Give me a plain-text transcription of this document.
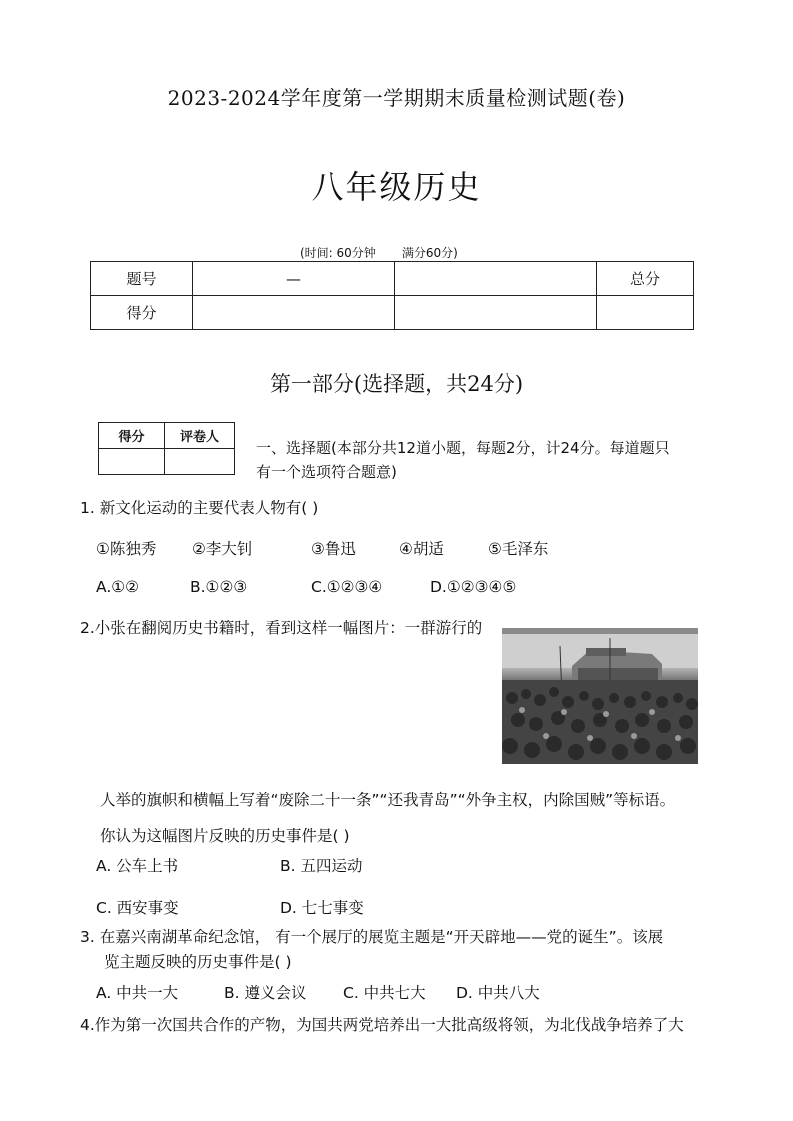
2023-2024学年度第一学期期末质量检测试题(卷)
八年级历史
(时间: 60分钟 满分60分)
题号	—		总分
得分			
第一部分(选择题，共24分)
得分	评卷人

一、选择题(本部分共12道小题，每题2分，计24分。每道题只
有一个选项符合题意)
1. 新文化运动的主要代表人物有( )
①陈独秀 ②李大钊	③鲁迅	④胡适	⑤毛泽东
A.①②	B.①②③	C.①②③④	D.①②③④⑤
2.小张在翻阅历史书籍时，看到这样一幅图片：一群游行的
人举的旗帜和横幅上写着“废除二十一条”“还我青岛”“外争主权，内除国贼”等标语。
你认为这幅图片反映的历史事件是( )
A. 公车上书	B. 五四运动
C. 西安事变	D. 七七事变
3. 在嘉兴南湖革命纪念馆， 有一个展厅的展览主题是“开天辟地——党的诞生”。该展
览主题反映的历史事件是( )
A. 中共一大	B. 遵义会议 C. 中共七大 D. 中共八大
4.作为第一次国共合作的产物，为国共两党培养出一大批高级将领，为北伐战争培养了大
